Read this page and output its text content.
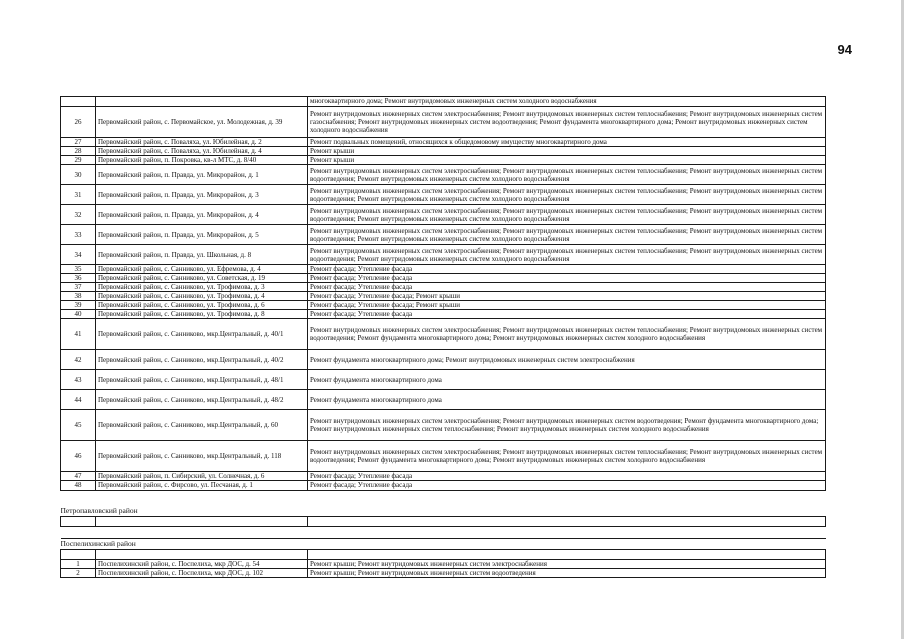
94
		многоквартирного дома; Ремонт внутридомовых инженерных систем холодного водоснабжения
26	Первомайский район, с. Первомайское, ул. Молодежная, д. 39	Ремонт внутридомовых инженерных систем электроснабжения; Ремонт внутридомовых инженерных систем теплоснабжения; Ремонт внутридомовых инженерных систем газоснабжения; Ремонт внутридомовых инженерных систем водоотведения; Ремонт фундамента многоквартирного дома; Ремонт внутридомовых инженерных систем холодного водоснабжения
27	Первомайский район, с. Поваляха, ул. Юбилейная, д. 2	Ремонт подвальных помещений, относящихся к общедомовому имуществу многоквартирного дома
28	Первомайский район, с. Поваляха, ул. Юбилейная, д. 4	Ремонт крыши
29	Первомайский район, п. Покровка, кв-л МТС, д. 8/40	Ремонт крыши
30	Первомайский район, п. Правда, ул. Микрорайон, д. 1	Ремонт внутридомовых инженерных систем электроснабжения; Ремонт внутридомовых инженерных систем теплоснабжения; Ремонт внутридомовых инженерных систем водоотведения; Ремонт внутридомовых инженерных систем холодного водоснабжения
31	Первомайский район, п. Правда, ул. Микрорайон, д. 3	Ремонт внутридомовых инженерных систем электроснабжения; Ремонт внутридомовых инженерных систем теплоснабжения; Ремонт внутридомовых инженерных систем водоотведения; Ремонт внутридомовых инженерных систем холодного водоснабжения
32	Первомайский район, п. Правда, ул. Микрорайон, д. 4	Ремонт внутридомовых инженерных систем электроснабжения; Ремонт внутридомовых инженерных систем теплоснабжения; Ремонт внутридомовых инженерных систем водоотведения; Ремонт внутридомовых инженерных систем холодного водоснабжения
33	Первомайский район, п. Правда, ул. Микрорайон, д. 5	Ремонт внутридомовых инженерных систем электроснабжения; Ремонт внутридомовых инженерных систем теплоснабжения; Ремонт внутридомовых инженерных систем водоотведения; Ремонт внутридомовых инженерных систем холодного водоснабжения
34	Первомайский район, п. Правда, ул. Школьная, д. 8	Ремонт внутридомовых инженерных систем электроснабжения; Ремонт внутридомовых инженерных систем теплоснабжения; Ремонт внутридомовых инженерных систем водоотведения; Ремонт внутридомовых инженерных систем холодного водоснабжения
35	Первомайский район, с. Санниково, ул. Ефремова, д. 4	Ремонт фасада; Утепление фасада
36	Первомайский район, с. Санниково, ул. Советская, д. 19	Ремонт фасада; Утепление фасада
37	Первомайский район, с. Санниково, ул. Трофимова, д. 3	Ремонт фасада; Утепление фасада
38	Первомайский район, с. Санниково, ул. Трофимова, д. 4	Ремонт фасада; Утепление фасада; Ремонт крыши
39	Первомайский район, с. Санниково, ул. Трофимова, д. 6	Ремонт фасада; Утепление фасада; Ремонт крыши
40	Первомайский район, с. Санниково, ул. Трофимова, д. 8	Ремонт фасада; Утепление фасада
41	Первомайский район, с. Санниково, мкр.Центральный, д. 40/1	Ремонт внутридомовых инженерных систем электроснабжения; Ремонт внутридомовых инженерных систем теплоснабжения; Ремонт внутридомовых инженерных систем водоотведения; Ремонт фундамента многоквартирного дома; Ремонт внутридомовых инженерных систем холодного водоснабжения
42	Первомайский район, с. Санниково, мкр.Центральный, д. 40/2	Ремонт фундамента многоквартирного дома; Ремонт внутридомовых инженерных систем электроснабжения
43	Первомайский район, с. Санниково, мкр.Центральный, д. 48/1	Ремонт фундамента многоквартирного дома
44	Первомайский район, с. Санниково, мкр.Центральный, д. 48/2	Ремонт фундамента многоквартирного дома
45	Первомайский район, с. Санниково, мкр.Центральный, д. 60	Ремонт внутридомовых инженерных систем электроснабжения; Ремонт внутридомовых инженерных систем водоотведения; Ремонт фундамента многоквартирного дома; Ремонт внутридомовых инженерных систем теплоснабжения; Ремонт внутридомовых инженерных систем холодного водоснабжения
46	Первомайский район, с. Санниково, мкр.Центральный, д. 118	Ремонт внутридомовых инженерных систем электроснабжения; Ремонт внутридомовых инженерных систем теплоснабжения; Ремонт внутридомовых инженерных систем водоотведения; Ремонт фундамента многоквартирного дома; Ремонт внутридомовых инженерных систем холодного водоснабжения
47	Первомайский район, п. Сибирский, ул. Солнечная, д. 6	Ремонт фасада; Утепление фасада
48	Первомайский район, с. Фирсово, ул. Песчаная, д. 1	Ремонт фасада; Утепление фасада
Петропавловский район		

Поспелихинский район		

1	Поспелихинский район, с. Поспелиха, мкр ДОС, д. 54	Ремонт крыши; Ремонт внутридомовых инженерных систем электроснабжения
2	Поспелихинский район, с. Поспелиха, мкр ДОС, д. 102	Ремонт крыши; Ремонт внутридомовых инженерных систем водоотведения
